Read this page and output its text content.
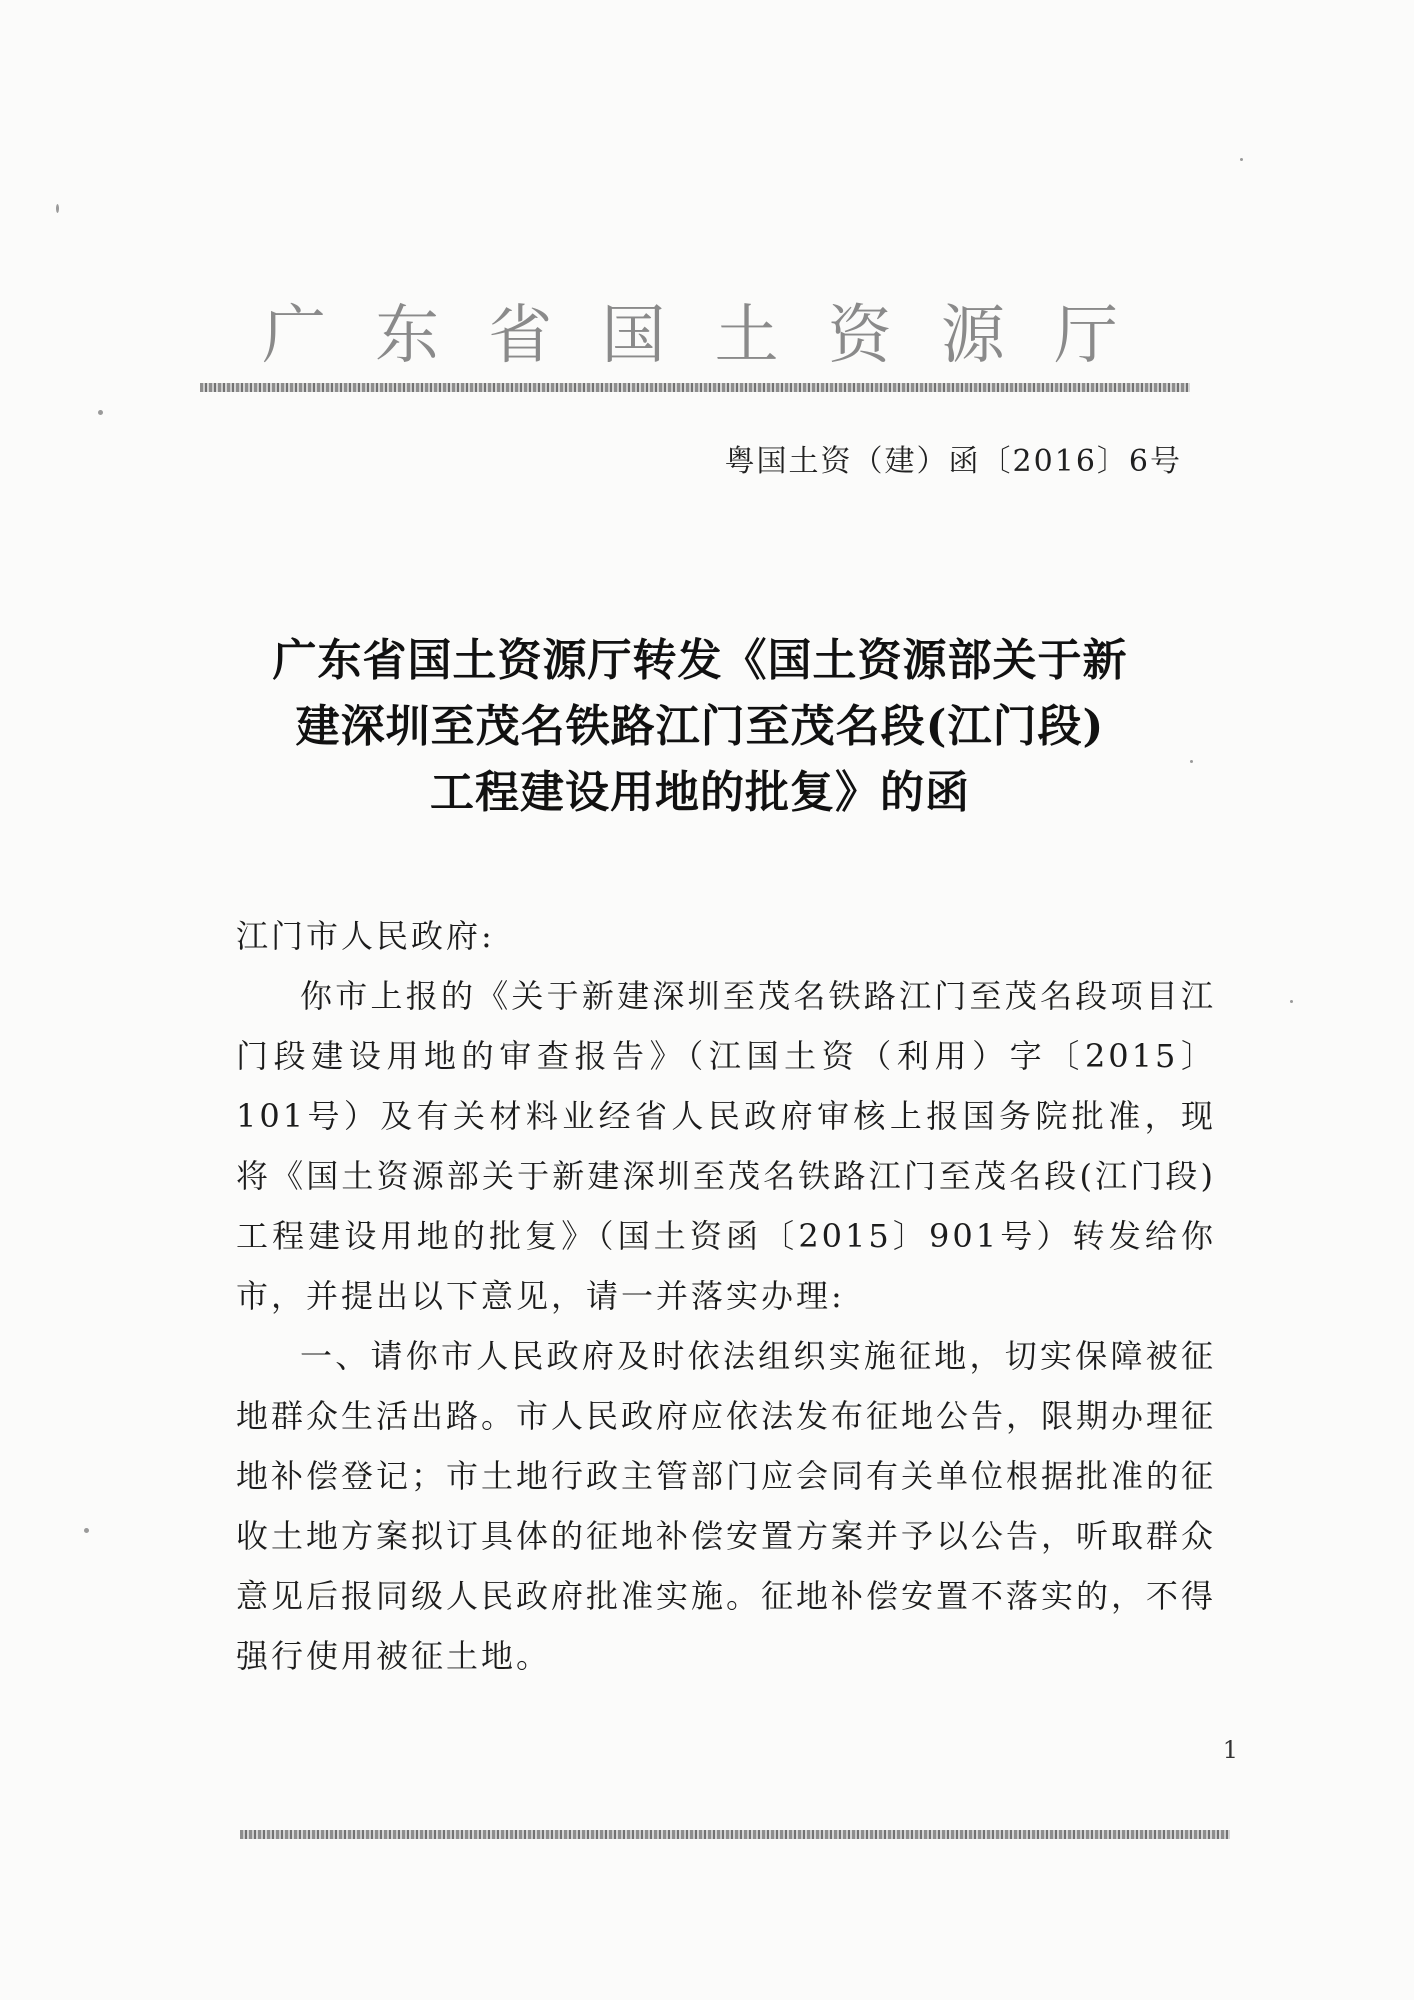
广 东 省 国 土 资 源 厅
粤国土资（建）函〔2016〕6号
广东省国土资源厅转发《国土资源部关于新
建深圳至茂名铁路江门至茂名段(江门段)
工程建设用地的批复》的函

江门市人民政府:

你市上报的《关于新建深圳至茂名铁路江门至茂名段项目江门段建设用地的审查报告》（江国土资（利用）字〔2015〕101号）及有关材料业经省人民政府审核上报国务院批准，现将《国土资源部关于新建深圳至茂名铁路江门至茂名段(江门段)工程建设用地的批复》（国土资函〔2015〕901号）转发给你市，并提出以下意见，请一并落实办理:

一、请你市人民政府及时依法组织实施征地，切实保障被征地群众生活出路。市人民政府应依法发布征地公告，限期办理征地补偿登记；市土地行政主管部门应会同有关单位根据批准的征收土地方案拟订具体的征地补偿安置方案并予以公告，听取群众意见后报同级人民政府批准实施。征地补偿安置不落实的，不得强行使用被征土地。

1
